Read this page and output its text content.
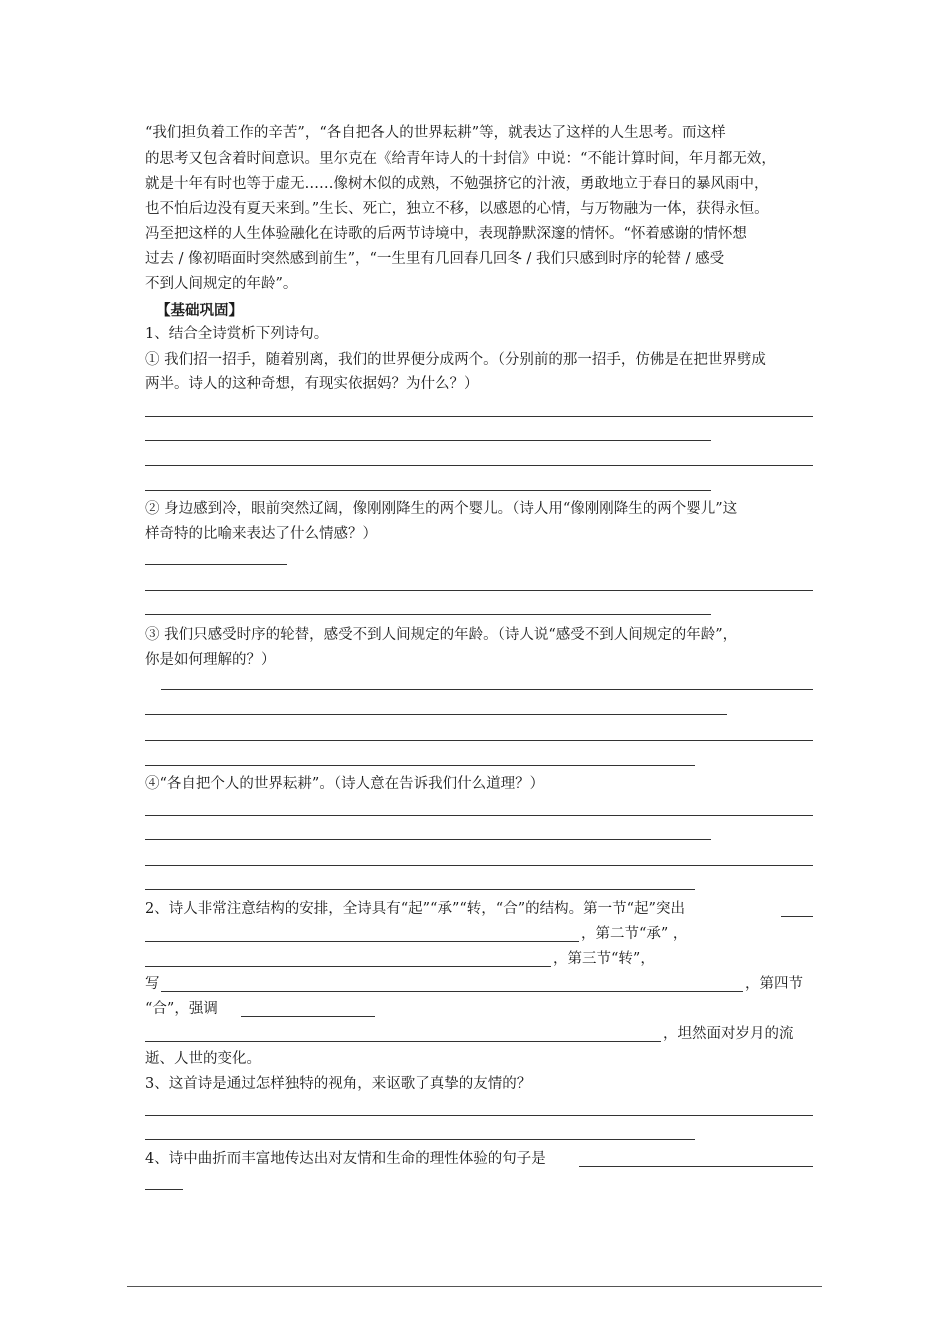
“我们担负着工作的辛苦”，“各自把各人的世界耘耕”等，就表达了这样的人生思考。而这样
的思考又包含着时间意识。里尔克在《给青年诗人的十封信》中说：“不能计算时间，年月都无效，
就是十年有时也等于虚无……像树木似的成熟，不勉强挤它的汁液，勇敢地立于春日的暴风雨中，
也不怕后边没有夏天来到。”生长、死亡，独立不移，以感恩的心情，与万物融为一体，获得永恒。
冯至把这样的人生体验融化在诗歌的后两节诗境中，表现静默深邃的情怀。“怀着感谢的情怀想
过去 / 像初晤面时突然感到前生”，“一生里有几回春几回冬 / 我们只感到时序的轮替 / 感受
不到人间规定的年龄”。
【基础巩固】
1、结合全诗赏析下列诗句。
① 我们招一招手，随着别离，我们的世界便分成两个。（分别前的那一招手，仿佛是在把世界劈成
两半。诗人的这种奇想，有现实依据妈？为什么？）
② 身边感到冷，眼前突然辽阔，像刚刚降生的两个婴儿。（诗人用“像刚刚降生的两个婴儿”这
样奇特的比喻来表达了什么情感？）
③ 我们只感受时序的轮替，感受不到人间规定的年龄。（诗人说“感受不到人间规定的年龄”，
你是如何理解的？）
④“各自把个人的世界耘耕”。（诗人意在告诉我们什么道理？）
2、诗人非常注意结构的安排，全诗具有“起”“承”“转，“合”的结构。第一节“起”突出
，第二节“承” ，
，第三节“转”，
写	，第四节
“合”，强调
，坦然面对岁月的流
逝、人世的变化。
3、这首诗是通过怎样独特的视角，来讴歌了真挚的友情的？
4、诗中曲折而丰富地传达出对友情和生命的理性体验的句子是
